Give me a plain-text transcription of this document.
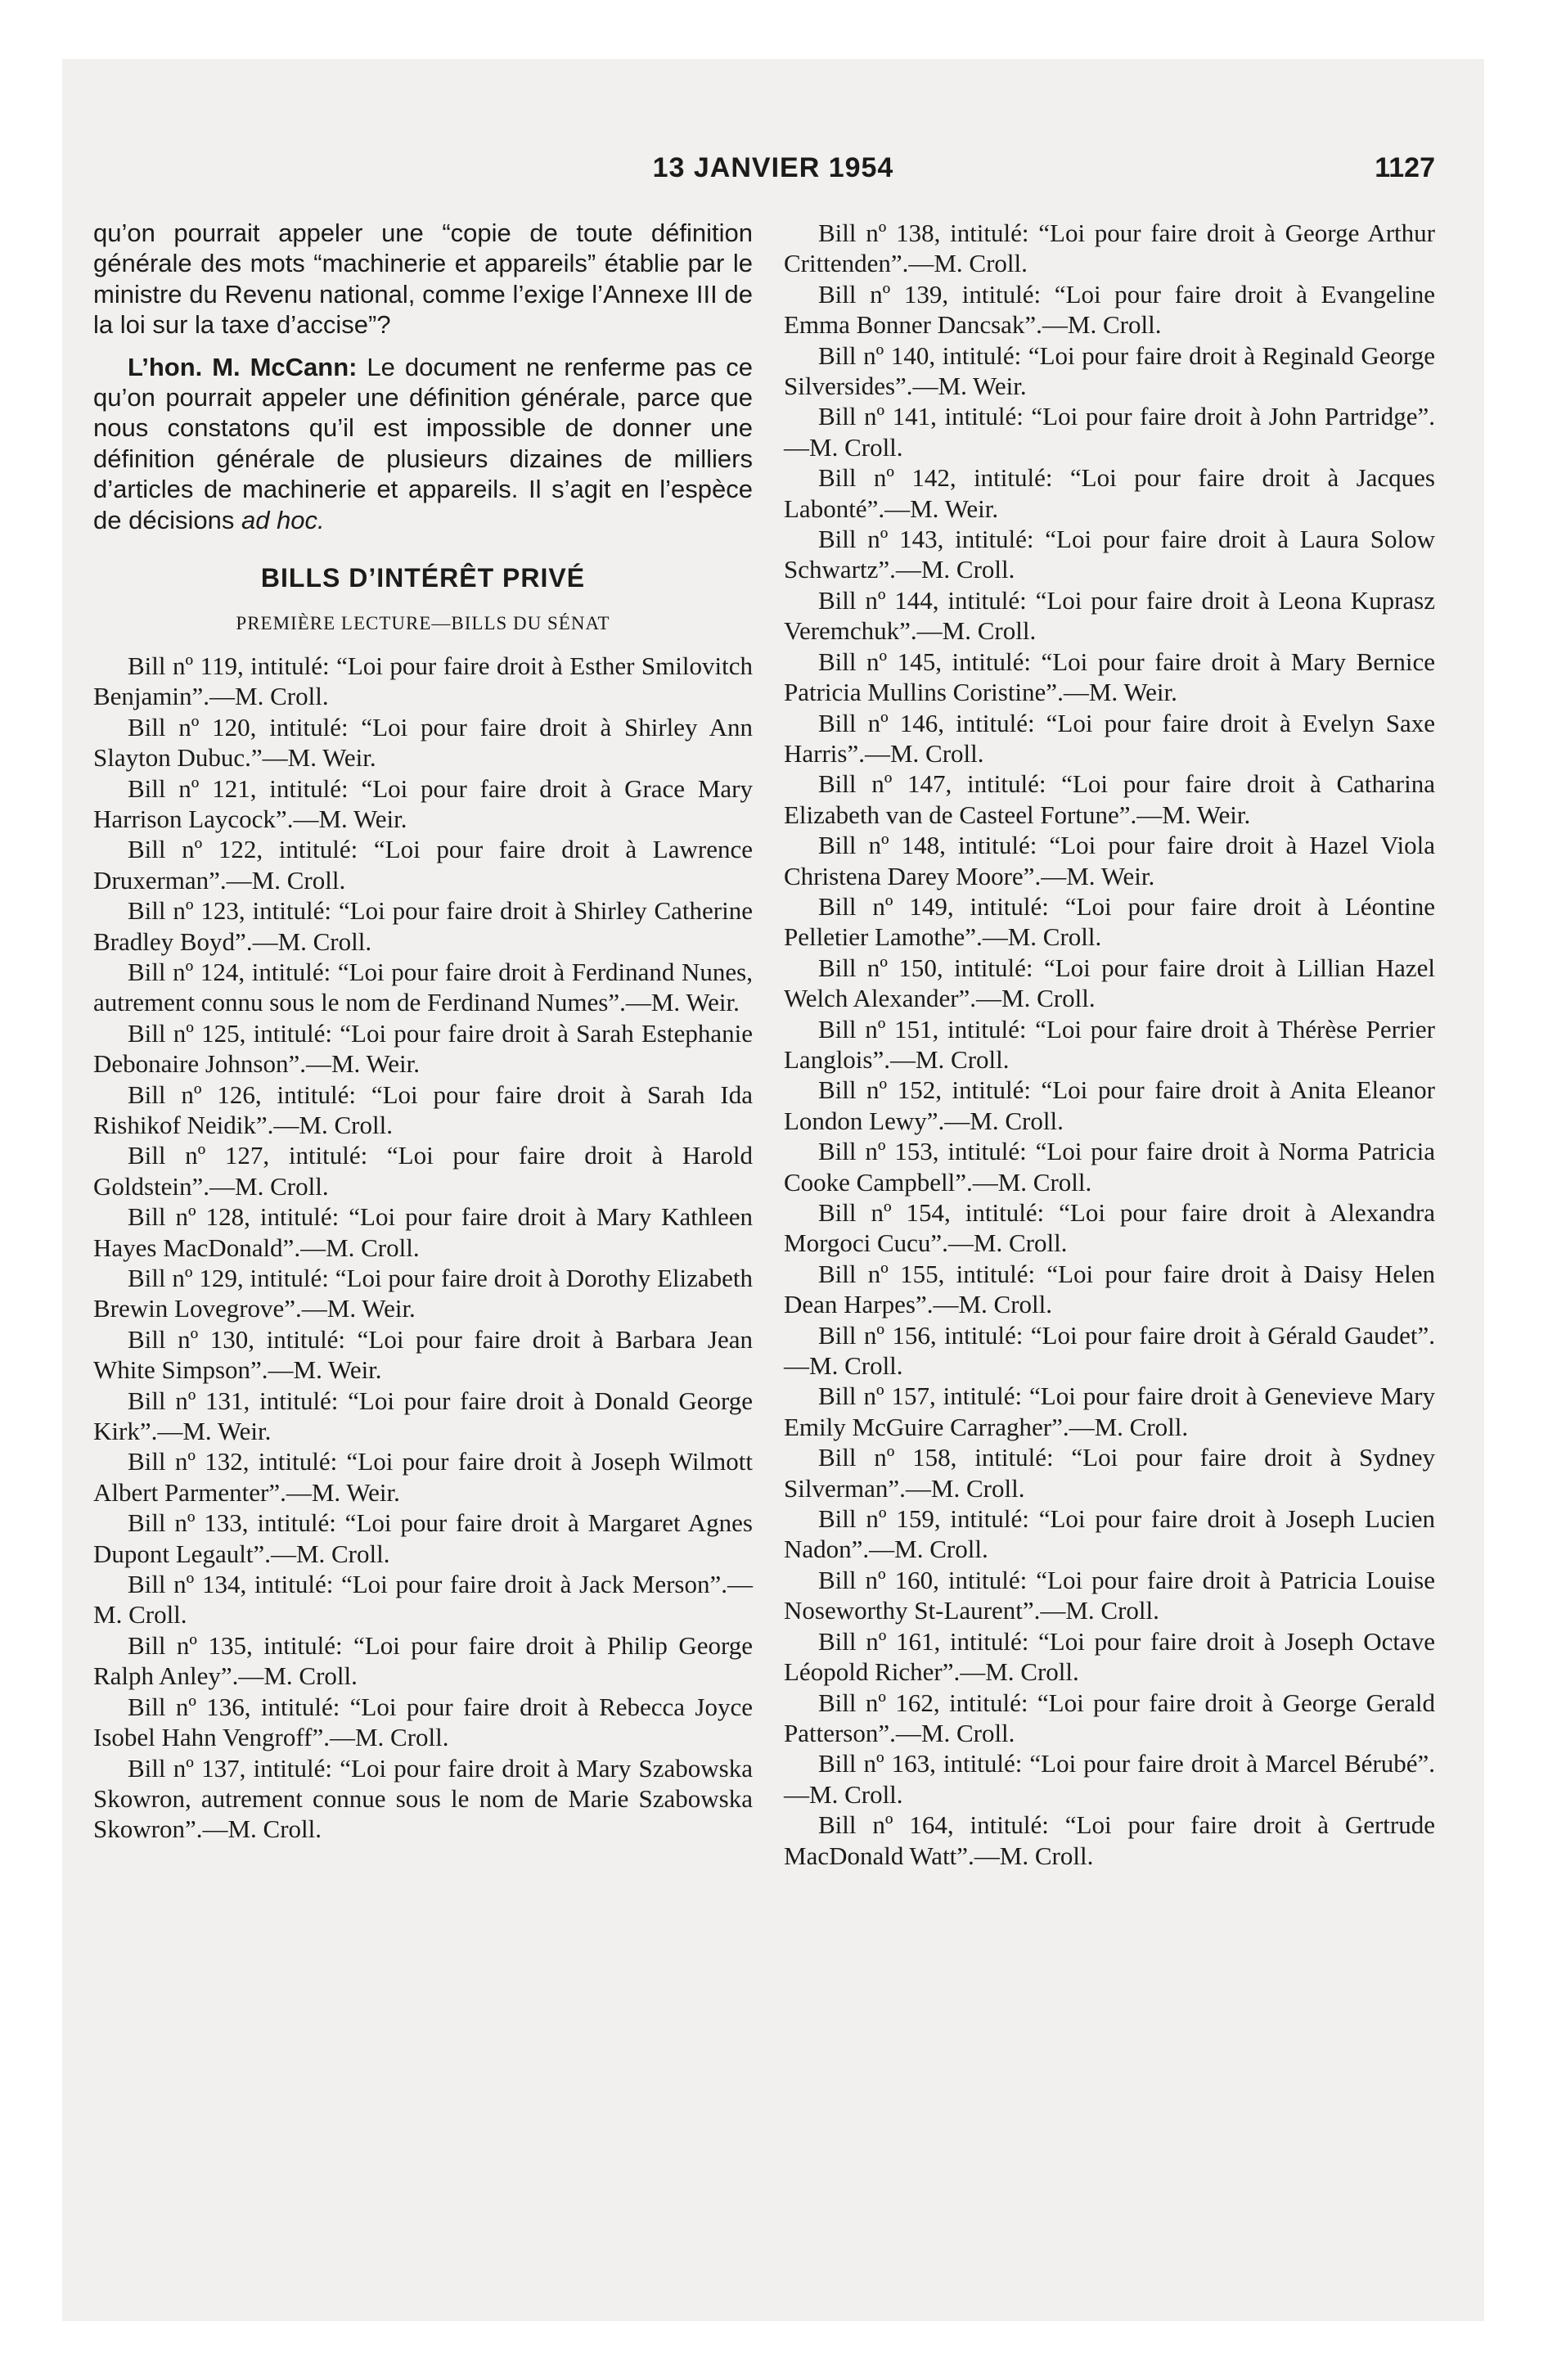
13 JANVIER 1954	1127

qu’on pourrait appeler une “copie de toute définition générale des mots “machinerie et appareils” établie par le ministre du Revenu national, comme l’exige l’Annexe III de la loi sur la taxe d’accise”?

L’hon. M. McCann: Le document ne renferme pas ce qu’on pourrait appeler une définition générale, parce que nous constatons qu’il est impossible de donner une définition générale de plusieurs dizaines de milliers d’articles de machinerie et appareils. Il s’agit en l’espèce de décisions ad hoc.

BILLS D’INTÉRÊT PRIVÉ
PREMIÈRE LECTURE—BILLS DU SÉNAT

Bill nº 119, intitulé: “Loi pour faire droit à Esther Smilovitch Benjamin”.—M. Croll.

Bill nº 120, intitulé: “Loi pour faire droit à Shirley Ann Slayton Dubuc.”—M. Weir.

Bill nº 121, intitulé: “Loi pour faire droit à Grace Mary Harrison Laycock”.—M. Weir.

Bill nº 122, intitulé: “Loi pour faire droit à Lawrence Druxerman”.—M. Croll.

Bill nº 123, intitulé: “Loi pour faire droit à Shirley Catherine Bradley Boyd”.—M. Croll.

Bill nº 124, intitulé: “Loi pour faire droit à Ferdinand Nunes, autrement connu sous le nom de Ferdinand Numes”.—M. Weir.

Bill nº 125, intitulé: “Loi pour faire droit à Sarah Estephanie Debonaire Johnson”.—M. Weir.

Bill nº 126, intitulé: “Loi pour faire droit à Sarah Ida Rishikof Neidik”.—M. Croll.

Bill nº 127, intitulé: “Loi pour faire droit à Harold Goldstein”.—M. Croll.

Bill nº 128, intitulé: “Loi pour faire droit à Mary Kathleen Hayes MacDonald”.—M. Croll.

Bill nº 129, intitulé: “Loi pour faire droit à Dorothy Elizabeth Brewin Lovegrove”.—M. Weir.

Bill nº 130, intitulé: “Loi pour faire droit à Barbara Jean White Simpson”.—M. Weir.

Bill nº 131, intitulé: “Loi pour faire droit à Donald George Kirk”.—M. Weir.

Bill nº 132, intitulé: “Loi pour faire droit à Joseph Wilmott Albert Parmenter”.—M. Weir.

Bill nº 133, intitulé: “Loi pour faire droit à Margaret Agnes Dupont Legault”.—M. Croll.

Bill nº 134, intitulé: “Loi pour faire droit à Jack Merson”.—M. Croll.

Bill nº 135, intitulé: “Loi pour faire droit à Philip George Ralph Anley”.—M. Croll.

Bill nº 136, intitulé: “Loi pour faire droit à Rebecca Joyce Isobel Hahn Vengroff”.—M. Croll.

Bill nº 137, intitulé: “Loi pour faire droit à Mary Szabowska Skowron, autrement connue sous le nom de Marie Szabowska Skowron”.—M. Croll.

Bill nº 138, intitulé: “Loi pour faire droit à George Arthur Crittenden”.—M. Croll.

Bill nº 139, intitulé: “Loi pour faire droit à Evangeline Emma Bonner Dancsak”.—M. Croll.

Bill nº 140, intitulé: “Loi pour faire droit à Reginald George Silversides”.—M. Weir.

Bill nº 141, intitulé: “Loi pour faire droit à John Partridge”.—M. Croll.

Bill nº 142, intitulé: “Loi pour faire droit à Jacques Labonté”.—M. Weir.

Bill nº 143, intitulé: “Loi pour faire droit à Laura Solow Schwartz”.—M. Croll.

Bill nº 144, intitulé: “Loi pour faire droit à Leona Kuprasz Veremchuk”.—M. Croll.

Bill nº 145, intitulé: “Loi pour faire droit à Mary Bernice Patricia Mullins Coristine”.—M. Weir.

Bill nº 146, intitulé: “Loi pour faire droit à Evelyn Saxe Harris”.—M. Croll.

Bill nº 147, intitulé: “Loi pour faire droit à Catharina Elizabeth van de Casteel Fortune”.—M. Weir.

Bill nº 148, intitulé: “Loi pour faire droit à Hazel Viola Christena Darey Moore”.—M. Weir.

Bill nº 149, intitulé: “Loi pour faire droit à Léontine Pelletier Lamothe”.—M. Croll.

Bill nº 150, intitulé: “Loi pour faire droit à Lillian Hazel Welch Alexander”.—M. Croll.

Bill nº 151, intitulé: “Loi pour faire droit à Thérèse Perrier Langlois”.—M. Croll.

Bill nº 152, intitulé: “Loi pour faire droit à Anita Eleanor London Lewy”.—M. Croll.

Bill nº 153, intitulé: “Loi pour faire droit à Norma Patricia Cooke Campbell”.—M. Croll.

Bill nº 154, intitulé: “Loi pour faire droit à Alexandra Morgoci Cucu”.—M. Croll.

Bill nº 155, intitulé: “Loi pour faire droit à Daisy Helen Dean Harpes”.—M. Croll.

Bill nº 156, intitulé: “Loi pour faire droit à Gérald Gaudet”.—M. Croll.

Bill nº 157, intitulé: “Loi pour faire droit à Genevieve Mary Emily McGuire Carragher”.—M. Croll.

Bill nº 158, intitulé: “Loi pour faire droit à Sydney Silverman”.—M. Croll.

Bill nº 159, intitulé: “Loi pour faire droit à Joseph Lucien Nadon”.—M. Croll.

Bill nº 160, intitulé: “Loi pour faire droit à Patricia Louise Noseworthy St-Laurent”.—M. Croll.

Bill nº 161, intitulé: “Loi pour faire droit à Joseph Octave Léopold Richer”.—M. Croll.

Bill nº 162, intitulé: “Loi pour faire droit à George Gerald Patterson”.—M. Croll.

Bill nº 163, intitulé: “Loi pour faire droit à Marcel Bérubé”.—M. Croll.

Bill nº 164, intitulé: “Loi pour faire droit à Gertrude MacDonald Watt”.—M. Croll.
